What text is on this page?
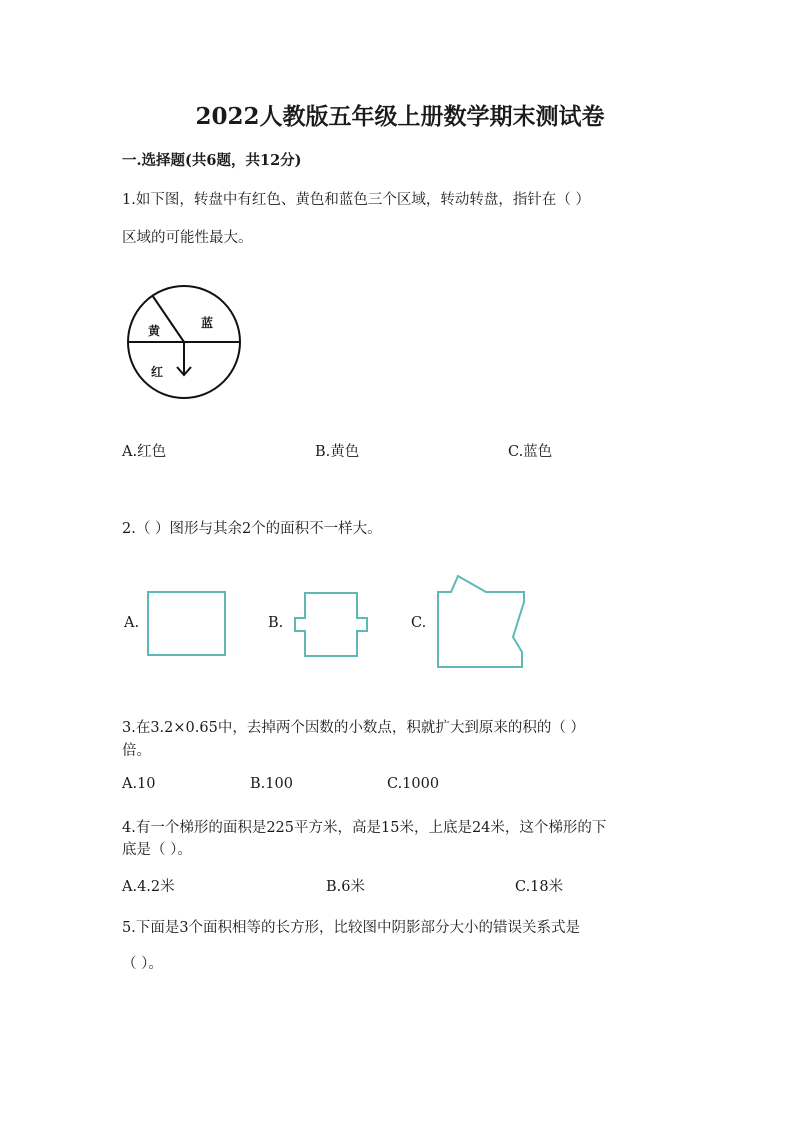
2022人教版五年级上册数学期末测试卷
一.选择题(共6题，共12分)
1.如下图，转盘中有红色、黄色和蓝色三个区域，转动转盘，指针在（ ）
区域的可能性最大。
黄
蓝
红
A.红色	B.黄色	C.蓝色
2.（ ）图形与其余2个的面积不一样大。
A.	B.	C.
3.在3.2×0.65中，去掉两个因数的小数点，积就扩大到原来的积的（ ）
倍。
A.10	B.100	C.1000
4.有一个梯形的面积是225平方米，高是15米，上底是24米，这个梯形的下
底是（ ）。
A.4.2米	B.6米	C.18米
5.下面是3个面积相等的长方形，比较图中阴影部分大小的错误关系式是
（ ）。
